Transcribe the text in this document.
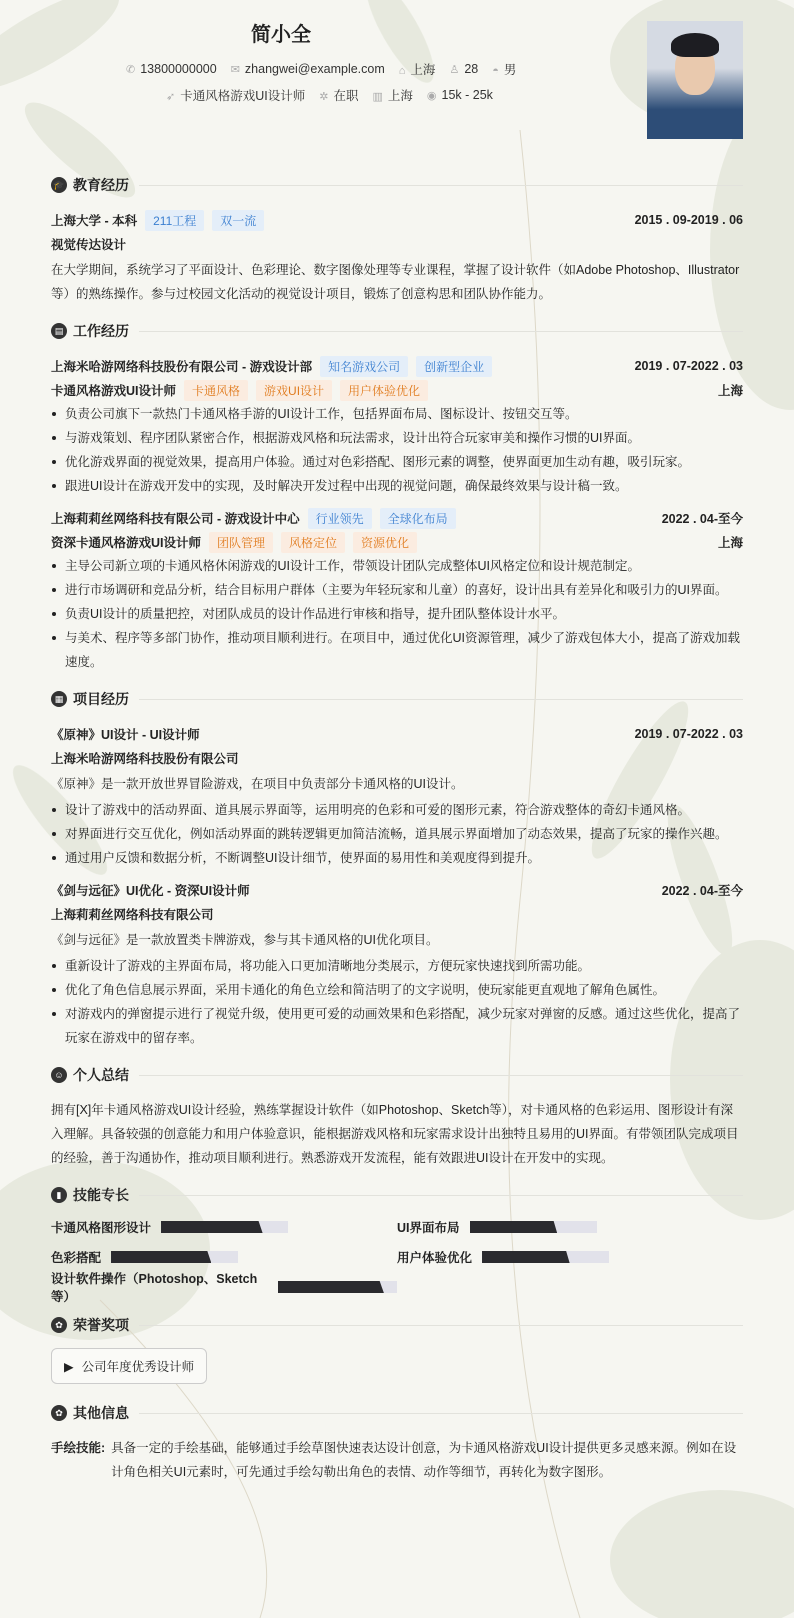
简小全
✆ 13800000000 ✉ zhangwei@example.com ⌂ 上海 ♙ 28 ◓ 男
➶ 卡通风格游戏UI设计师 ✲ 在职 ▥ 上海 ◉ 15k - 25k
🎓 教育经历
上海大学 - 本科	211工程	双一流	2015 . 09-2019 . 06
视觉传达设计

在大学期间，系统学习了平面设计、色彩理论、数字图像处理等专业课程，掌握了设计软件（如Adobe Photoshop、Illustrator等）的熟练操作。参与过校园文化活动的视觉设计项目，锻炼了创意构思和团队协作能力。

▤ 工作经历
上海米哈游网络科技股份有限公司 - 游戏设计部	知名游戏公司	创新型企业	2019 . 07-2022 . 03
卡通风格游戏UI设计师	卡通风格	游戏UI设计	用户体验优化	上海
负责公司旗下一款热门卡通风格手游的UI设计工作，包括界面布局、图标设计、按钮交互等。
与游戏策划、程序团队紧密合作，根据游戏风格和玩法需求，设计出符合玩家审美和操作习惯的UI界面。
优化游戏界面的视觉效果，提高用户体验。通过对色彩搭配、图形元素的调整，使界面更加生动有趣，吸引玩家。
跟进UI设计在游戏开发中的实现，及时解决开发过程中出现的视觉问题，确保最终效果与设计稿一致。
上海莉莉丝网络科技有限公司 - 游戏设计中心	行业领先	全球化布局	2022 . 04-至今
资深卡通风格游戏UI设计师	团队管理	风格定位	资源优化	上海
主导公司新立项的卡通风格休闲游戏的UI设计工作，带领设计团队完成整体UI风格定位和设计规范制定。
进行市场调研和竞品分析，结合目标用户群体（主要为年轻玩家和儿童）的喜好，设计出具有差异化和吸引力的UI界面。
负责UI设计的质量把控，对团队成员的设计作品进行审核和指导，提升团队整体设计水平。
与美术、程序等多部门协作，推动项目顺利进行。在项目中，通过优化UI资源管理，减少了游戏包体大小，提高了游戏加载速度。
▦ 项目经历
《原神》UI设计 - UI设计师	2019 . 07-2022 . 03
上海米哈游网络科技股份有限公司

《原神》是一款开放世界冒险游戏，在项目中负责部分卡通风格的UI设计。

设计了游戏中的活动界面、道具展示界面等，运用明亮的色彩和可爱的图形元素，符合游戏整体的奇幻卡通风格。
对界面进行交互优化，例如活动界面的跳转逻辑更加简洁流畅，道具展示界面增加了动态效果，提高了玩家的操作兴趣。
通过用户反馈和数据分析，不断调整UI设计细节，使界面的易用性和美观度得到提升。
《剑与远征》UI优化 - 资深UI设计师	2022 . 04-至今
上海莉莉丝网络科技有限公司

《剑与远征》是一款放置类卡牌游戏，参与其卡通风格的UI优化项目。

重新设计了游戏的主界面布局，将功能入口更加清晰地分类展示，方便玩家快速找到所需功能。
优化了角色信息展示界面，采用卡通化的角色立绘和简洁明了的文字说明，使玩家能更直观地了解角色属性。
对游戏内的弹窗提示进行了视觉升级，使用更可爱的动画效果和色彩搭配，减少玩家对弹窗的反感。通过这些优化，提高了玩家在游戏中的留存率。
☺ 个人总结

拥有[X]年卡通风格游戏UI设计经验，熟练掌握设计软件（如Photoshop、Sketch等），对卡通风格的色彩运用、图形设计有深入理解。具备较强的创意能力和用户体验意识，能根据游戏风格和玩家需求设计出独特且易用的UI界面。有带领团队完成项目的经验，善于沟通协作，推动项目顺利进行。熟悉游戏开发流程，能有效跟进UI设计在开发中的实现。

▮ 技能专长
卡通风格图形设计	UI界面布局
色彩搭配	用户体验优化
设计软件操作（Photoshop、Sketch等）
✿ 荣誉奖项
▶ 公司年度优秀设计师
✿ 其他信息
手绘技能: 具备一定的手绘基础，能够通过手绘草图快速表达设计创意，为卡通风格游戏UI设计提供更多灵感来源。例如在设计角色相关UI元素时，可先通过手绘勾勒出角色的表情、动作等细节，再转化为数字图形。
